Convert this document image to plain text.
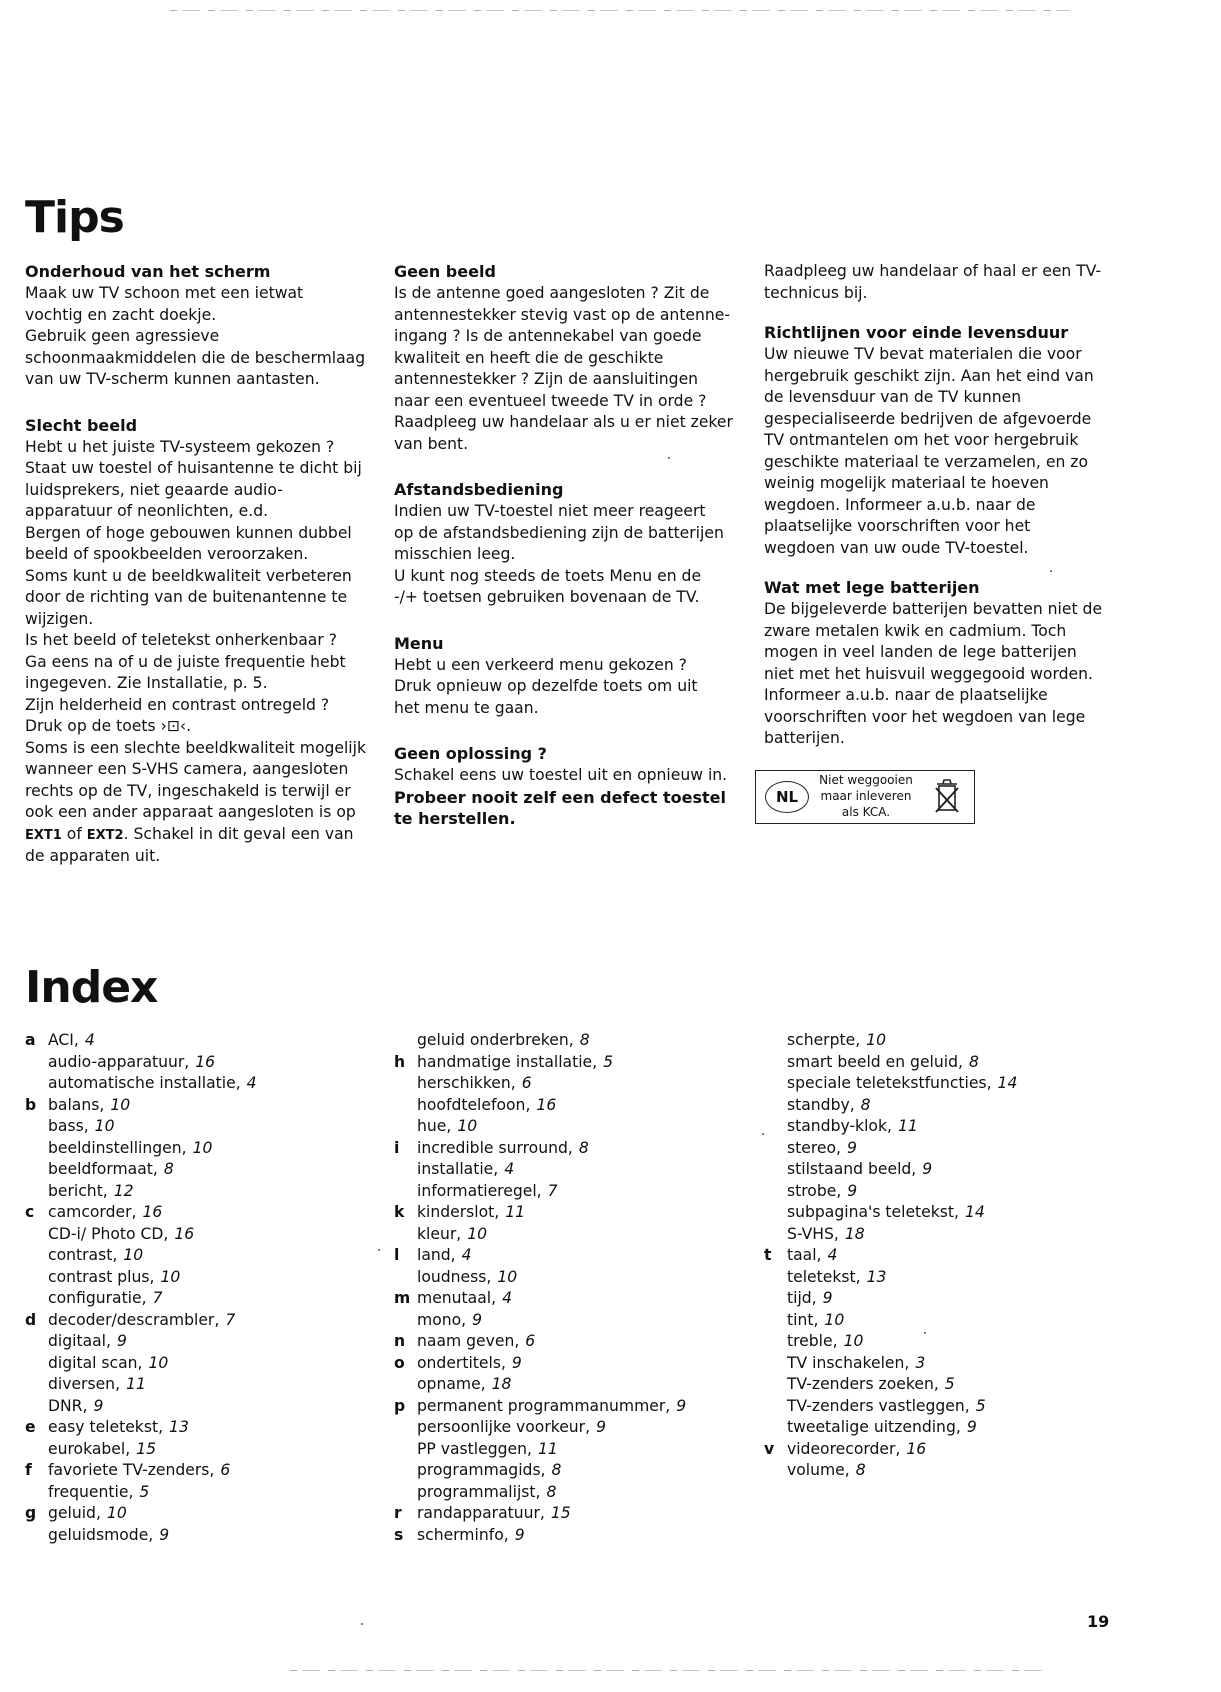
Tips
Onderhoud van het scherm

Maak uw TV schoon met een ietwat
vochtig en zacht doekje.
Gebruik geen agressieve
schoonmaakmiddelen die de beschermlaag
van uw TV-scherm kunnen aantasten.

Slecht beeld

Hebt u het juiste TV-systeem gekozen ?
Staat uw toestel of huisantenne te dicht bij
luidsprekers, niet geaarde audio-
apparatuur of neonlichten, e.d.
Bergen of hoge gebouwen kunnen dubbel
beeld of spookbeelden veroorzaken.
Soms kunt u de beeldkwaliteit verbeteren
door de richting van de buitenantenne te
wijzigen.
Is het beeld of teletekst onherkenbaar ?
Ga eens na of u de juiste frequentie hebt
ingegeven. Zie Installatie, p. 5.
Zijn helderheid en contrast ontregeld ?
Druk op de toets ›⊡‹.
Soms is een slechte beeldkwaliteit mogelijk
wanneer een S-VHS camera, aangesloten
rechts op de TV, ingeschakeld is terwijl er
ook een ander apparaat aangesloten is op
EXT1 of EXT2. Schakel in dit geval een van
de apparaten uit.

Geen beeld

Is de antenne goed aangesloten ? Zit de
antennestekker stevig vast op de antenne-
ingang ? Is de antennekabel van goede
kwaliteit en heeft die de geschikte
antennestekker ? Zijn de aansluitingen
naar een eventueel tweede TV in orde ?
Raadpleeg uw handelaar als u er niet zeker
van bent.

Afstandsbediening

Indien uw TV-toestel niet meer reageert
op de afstandsbediening zijn de batterijen
misschien leeg.
U kunt nog steeds de toets Menu en de
-/+ toetsen gebruiken bovenaan de TV.

Menu

Hebt u een verkeerd menu gekozen ?
Druk opnieuw op dezelfde toets om uit
het menu te gaan.

Geen oplossing ?

Schakel eens uw toestel uit en opnieuw in.

Probeer nooit zelf een defect toestel
te herstellen.

Raadpleeg uw handelaar of haal er een TV-
technicus bij.

Richtlijnen voor einde levensduur

Uw nieuwe TV bevat materialen die voor
hergebruik geschikt zijn. Aan het eind van
de levensduur van de TV kunnen
gespecialiseerde bedrijven de afgevoerde
TV ontmantelen om het voor hergebruik
geschikte materiaal te verzamelen, en zo
weinig mogelijk materiaal te hoeven
wegdoen. Informeer a.u.b. naar de
plaatselijke voorschriften voor het
wegdoen van uw oude TV-toestel.

Wat met lege batterijen

De bijgeleverde batterijen bevatten niet de
zware metalen kwik en cadmium. Toch
mogen in veel landen de lege batterijen
niet met het huisvuil weggegooid worden.
Informeer a.u.b. naar de plaatselijke
voorschriften voor het wegdoen van lege
batterijen.

NL
Niet weggooien
maar inleveren
als KCA.
Index
a ACI, 4
audio-apparatuur, 16
automatische installatie, 4
b balans, 10
bass, 10
beeldinstellingen, 10
beeldformaat, 8
bericht, 12
c camcorder, 16
CD-i/ Photo CD, 16
contrast, 10
contrast plus, 10
configuratie, 7
d decoder/descrambler, 7
digitaal, 9
digital scan, 10
diversen, 11
DNR, 9
e easy teletekst, 13
eurokabel, 15
f	favoriete TV-zenders, 6
frequentie, 5
g geluid, 10
geluidsmode, 9
geluid onderbreken, 8
h handmatige installatie, 5
herschikken, 6
hoofdtelefoon, 16
hue, 10
i	incredible surround, 8
installatie, 4
informatieregel, 7
k kinderslot, 11
kleur, 10
l	land, 4
loudness, 10
m menutaal, 4
mono, 9
n naam geven, 6
o ondertitels, 9
opname, 18
p permanent programmanummer, 9
persoonlijke voorkeur, 9
PP vastleggen, 11
programmagids, 8
programmalijst, 8
r randapparatuur, 15
s scherminfo, 9
scherpte, 10
smart beeld en geluid, 8
speciale teletekstfuncties, 14
standby, 8
standby-klok, 11
stereo, 9
stilstaand beeld, 9
strobe, 9
subpagina's teletekst, 14
S-VHS, 18
t taal, 4
teletekst, 13
tijd, 9
tint, 10
treble, 10
TV inschakelen, 3
TV-zenders zoeken, 5
TV-zenders vastleggen, 5
tweetalige uitzending, 9
v videorecorder, 16
volume, 8
19
